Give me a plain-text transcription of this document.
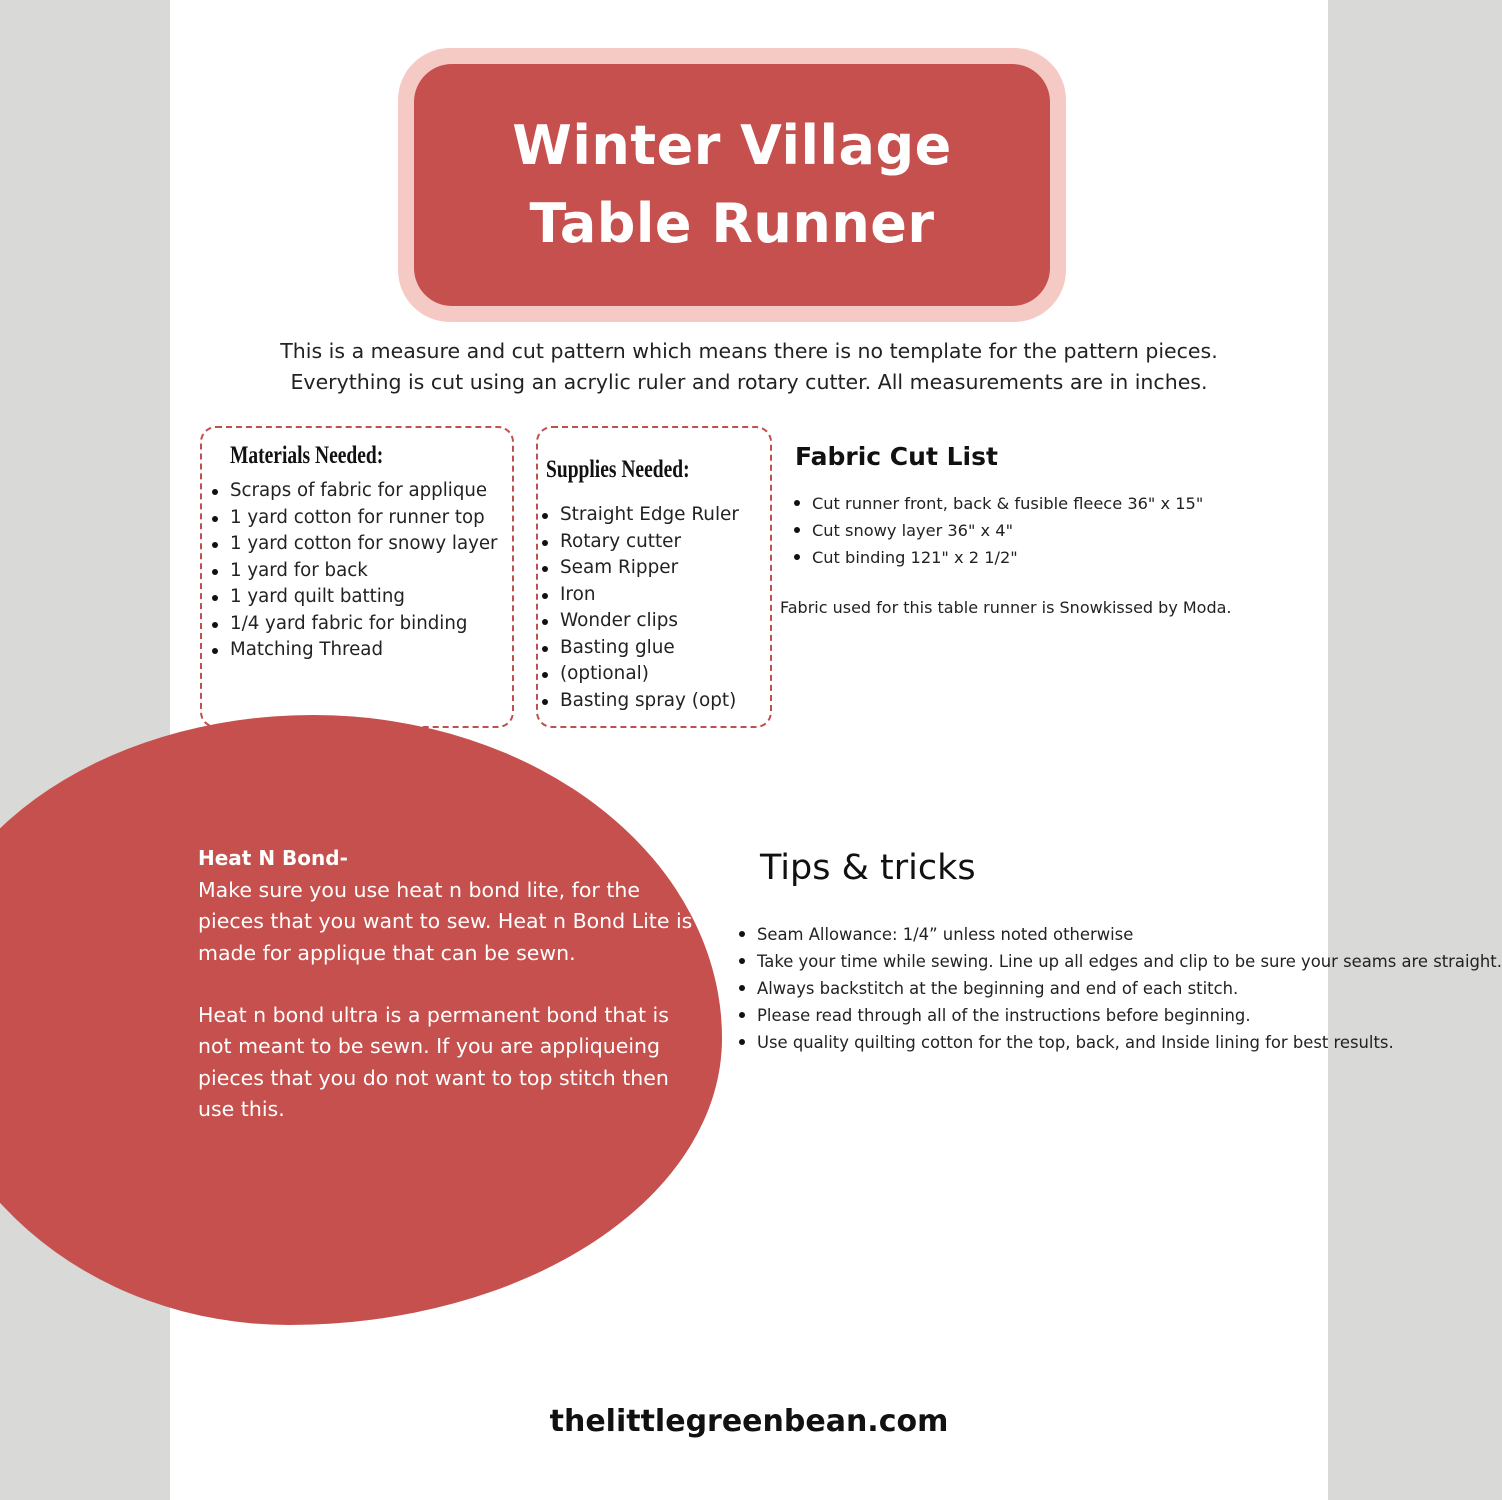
Winter Village
Table Runner

This is a measure and cut pattern which means there is no template for the pattern pieces.

Everything is cut using an acrylic ruler and rotary cutter. All measurements are in inches.

Materials Needed:
Scraps of fabric for applique
1 yard cotton for runner top
1 yard cotton for snowy layer
1 yard for back
1 yard quilt batting
1/4 yard fabric for binding
Matching Thread
Supplies Needed:
Straight Edge Ruler
Rotary cutter
Seam Ripper
Iron
Wonder clips
Basting glue
(optional)
Basting spray (opt)
Fabric Cut List
Cut runner front, back & fusible fleece 36" x 15"
Cut snowy layer 36" x 4"
Cut binding 121" x 2 1/2"
Fabric used for this table runner is Snowkissed by Moda.
Heat N Bond-

Make sure you use heat n bond lite, for the pieces that you want to sew. Heat n Bond Lite is made for applique that can be sewn.

Heat n bond ultra is a permanent bond that is not meant to be sewn. If you are appliqueing pieces that you do not want to top stitch then use this.

Tips & tricks
Seam Allowance: 1/4” unless noted otherwise
Take your time while sewing. Line up all edges and clip to be sure your seams are straight.
Always backstitch at the beginning and end of each stitch.
Please read through all of the instructions before beginning.
Use quality quilting cotton for the top, back, and Inside lining for best results.
thelittlegreenbean.com
